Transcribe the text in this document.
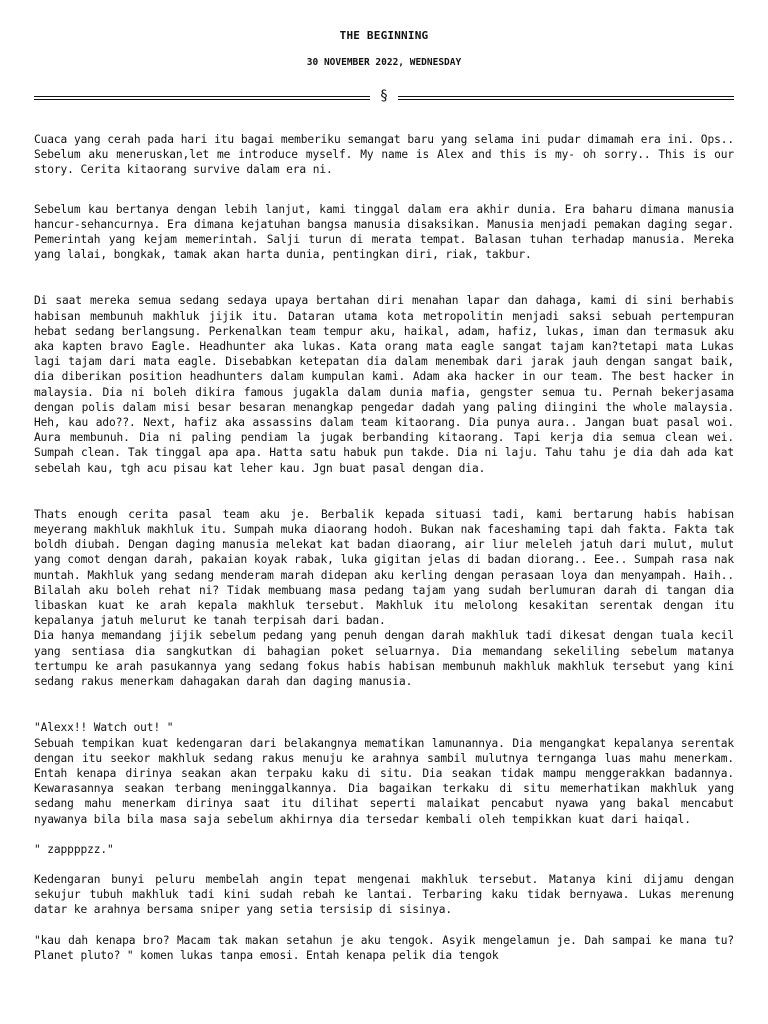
THE BEGINNING
30 NOVEMBER 2022, WEDNESDAY
§

Cuaca yang cerah pada hari itu bagai memberiku semangat baru yang selama ini pudar dimamah era ini. Ops.. Sebelum aku meneruskan,let me introduce myself. My name is Alex and this is my- oh sorry.. This is our story. Cerita kitaorang survive dalam era ni.

Sebelum kau bertanya dengan lebih lanjut, kami tinggal dalam era akhir dunia. Era baharu dimana manusia hancur-sehancurnya. Era dimana kejatuhan bangsa manusia disaksikan. Manusia menjadi pemakan daging segar. Pemerintah yang kejam memerintah. Salji turun di merata tempat. Balasan tuhan terhadap manusia. Mereka yang lalai, bongkak, tamak akan harta dunia, pentingkan diri, riak, takbur.

Di saat mereka semua sedang sedaya upaya bertahan diri menahan lapar dan dahaga, kami di sini berhabis habisan membunuh makhluk jijik itu. Dataran utama kota metropolitin menjadi saksi sebuah pertempuran hebat sedang berlangsung. Perkenalkan team tempur aku, haikal, adam, hafiz, lukas, iman dan termasuk aku aka kapten bravo Eagle. Headhunter aka lukas. Kata orang mata eagle sangat tajam kan?tetapi mata Lukas lagi tajam dari mata eagle. Disebabkan ketepatan dia dalam menembak dari jarak jauh dengan sangat baik, dia diberikan position headhunters dalam kumpulan kami. Adam aka hacker in our team. The best hacker in malaysia. Dia ni boleh dikira famous jugakla dalam dunia mafia, gengster semua tu. Pernah bekerjasama dengan polis dalam misi besar besaran menangkap pengedar dadah yang paling diingini the whole malaysia. Heh, kau ado??. Next, hafiz aka assassins dalam team kitaorang. Dia punya aura.. Jangan buat pasal woi. Aura membunuh. Dia ni paling pendiam la jugak berbanding kitaorang. Tapi kerja dia semua clean wei. Sumpah clean. Tak tinggal apa apa. Hatta satu habuk pun takde. Dia ni laju. Tahu tahu je dia dah ada kat sebelah kau, tgh acu pisau kat leher kau. Jgn buat pasal dengan dia.

Thats enough cerita pasal team aku je. Berbalik kepada situasi tadi, kami bertarung habis habisan meyerang makhluk makhluk itu. Sumpah muka diaorang hodoh. Bukan nak faceshaming tapi dah fakta. Fakta tak boldh diubah. Dengan daging manusia melekat kat badan diaorang, air liur meleleh jatuh dari mulut, mulut yang comot dengan darah, pakaian koyak rabak, luka gigitan jelas di badan diorang.. Eee.. Sumpah rasa nak muntah. Makhluk yang sedang menderam marah didepan aku kerling dengan perasaan loya dan menyampah. Haih.. Bilalah aku boleh rehat ni? Tidak membuang masa pedang tajam yang sudah berlumuran darah di tangan dia libaskan kuat ke arah kepala makhluk tersebut. Makhluk itu melolong kesakitan serentak dengan itu kepalanya jatuh melurut ke tanah terpisah dari badan.
Dia hanya memandang jijik sebelum pedang yang penuh dengan darah makhluk tadi dikesat dengan tuala kecil yang sentiasa dia sangkutkan di bahagian poket seluarnya. Dia memandang sekeliling sebelum matanya tertumpu ke arah pasukannya yang sedang fokus habis habisan membunuh makhluk makhluk tersebut yang kini sedang rakus menerkam dahagakan darah dan daging manusia.

"Alexx!! Watch out! "
Sebuah tempikan kuat kedengaran dari belakangnya mematikan lamunannya. Dia mengangkat kepalanya serentak dengan itu seekor makhluk sedang rakus menuju ke arahnya sambil mulutnya ternganga luas mahu menerkam. Entah kenapa dirinya seakan akan terpaku kaku di situ. Dia seakan tidak mampu menggerakkan badannya. Kewarasannya seakan terbang meninggalkannya. Dia bagaikan terkaku di situ memerhatikan makhluk yang sedang mahu menerkam dirinya saat itu dilihat seperti malaikat pencabut nyawa yang bakal mencabut nyawanya bila bila masa saja sebelum akhirnya dia tersedar kembali oleh tempikkan kuat dari haiqal.

" zappppzz."

Kedengaran bunyi peluru membelah angin tepat mengenai makhluk tersebut. Matanya kini dijamu dengan sekujur tubuh makhluk tadi kini sudah rebah ke lantai. Terbaring kaku tidak bernyawa. Lukas merenung datar ke arahnya bersama sniper yang setia tersisip di sisinya.

"kau dah kenapa bro? Macam tak makan setahun je aku tengok. Asyik mengelamun je. Dah sampai ke mana tu? Planet pluto? " komen lukas tanpa emosi. Entah kenapa pelik dia tengok
